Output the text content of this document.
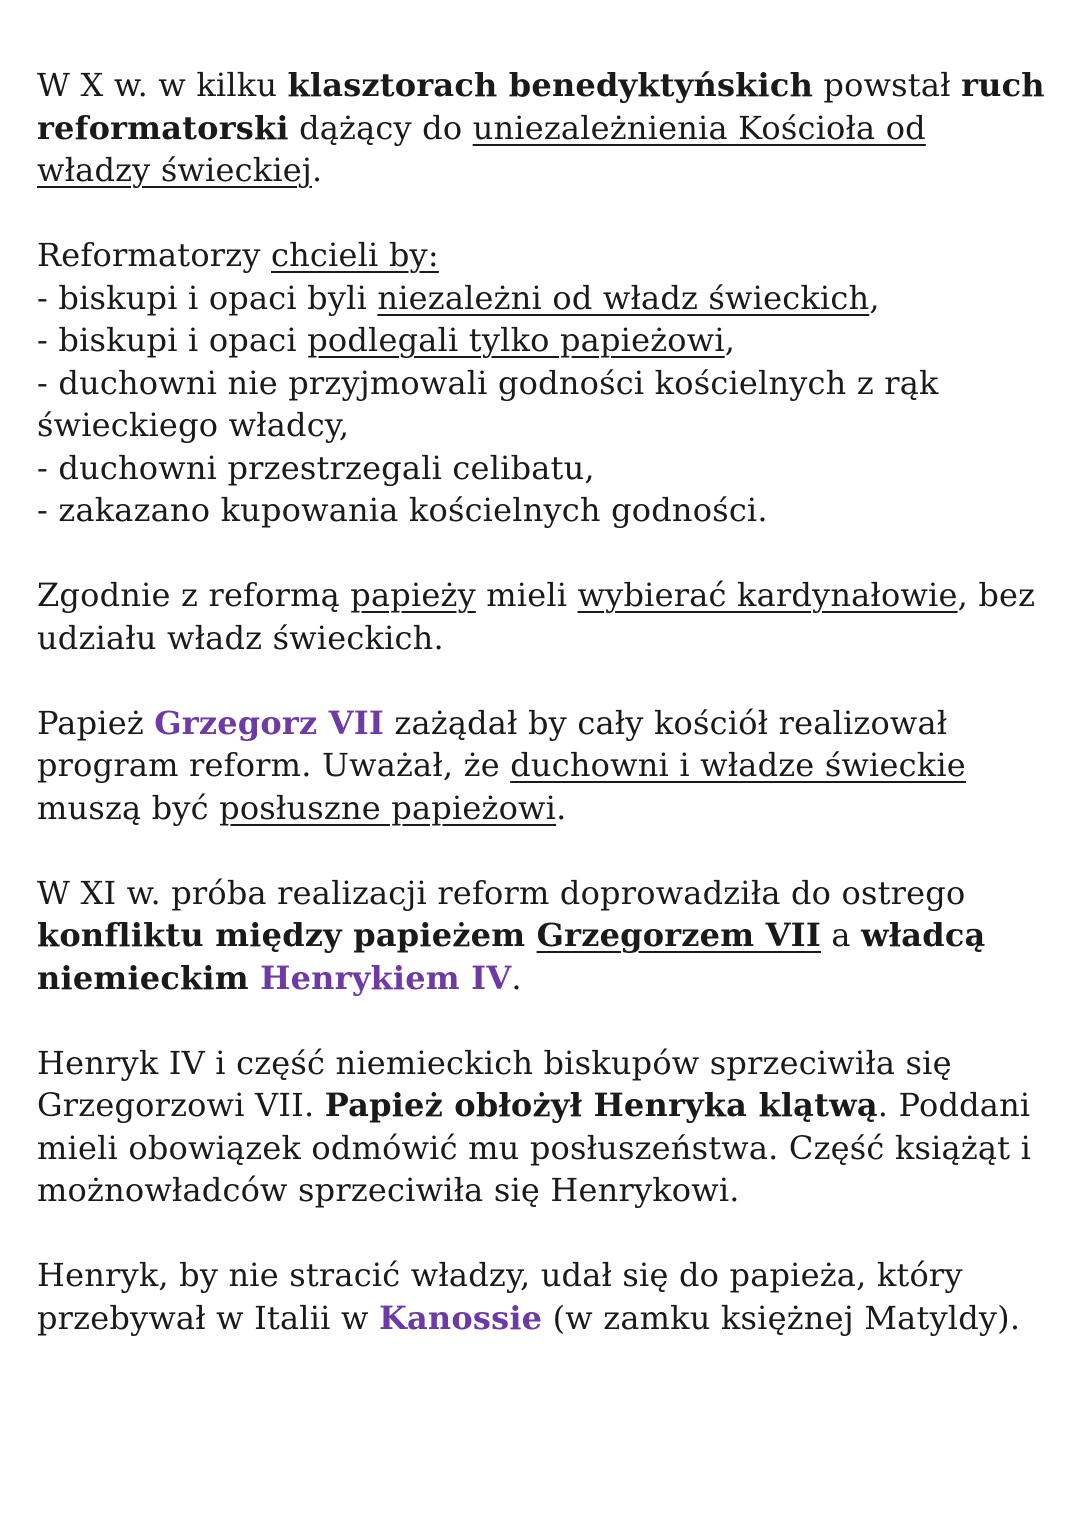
W X w. w kilku klasztorach benedyktyńskich powstał ruch reformatorski dążący do uniezależnienia Kościoła od władzy świeckiej.

Reformatorzy chcieli by:
- biskupi i opaci byli niezależni od władz świeckich,
- biskupi i opaci podlegali tylko papieżowi,
- duchowni nie przyjmowali godności kościelnych z rąk świeckiego władcy,
- duchowni przestrzegali celibatu,
- zakazano kupowania kościelnych godności.

Zgodnie z reformą papieży mieli wybierać kardynałowie, bez udziału władz świeckich.

Papież Grzegorz VII zażądał by cały kościół realizował program reform. Uważał, że duchowni i władze świeckie muszą być posłuszne papieżowi.

W XI w. próba realizacji reform doprowadziła do ostrego konfliktu między papieżem Grzegorzem VII a władcą niemieckim Henrykiem IV.

Henryk IV i część niemieckich biskupów sprzeciwiła się Grzegorzowi VII. Papież obłożył Henryka klątwą. Poddani mieli obowiązek odmówić mu posłuszeństwa. Część książąt i możnowładców sprzeciwiła się Henrykowi.

Henryk, by nie stracić władzy, udał się do papieża, który przebywał w Italii w Kanossie (w zamku księżnej Matyldy).
